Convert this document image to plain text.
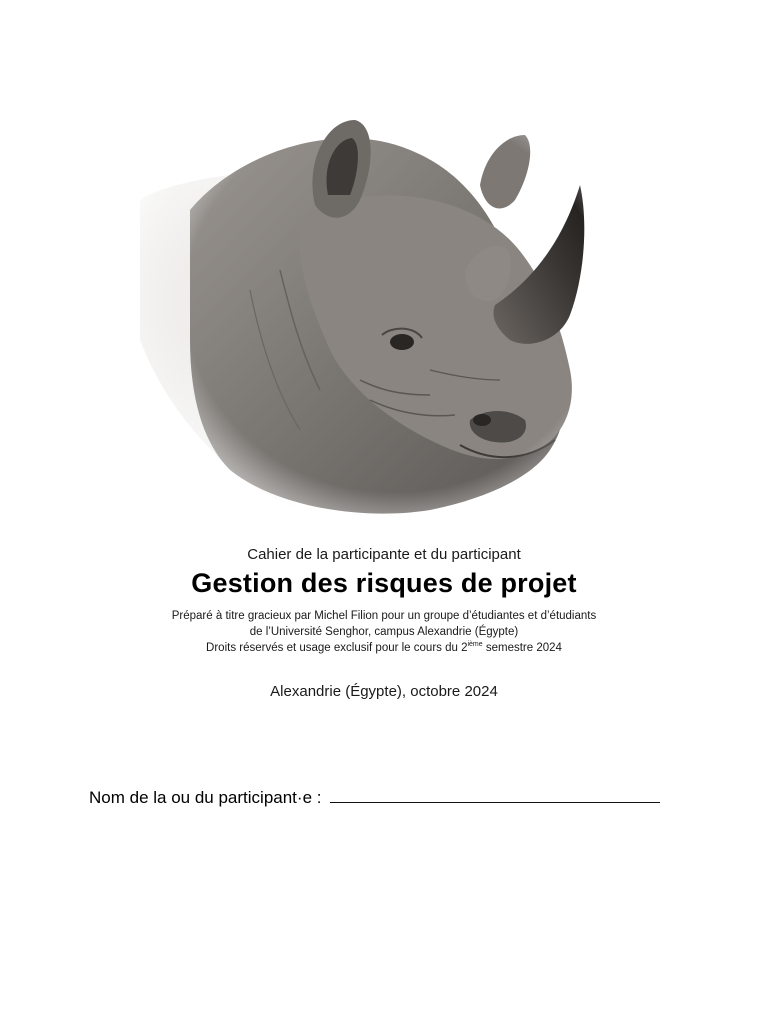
Cahier de la participante et du participant
Gestion des risques de projet
Préparé à titre gracieux par Michel Filion pour un groupe d’étudiantes et d’étudiants
de l’Université Senghor, campus Alexandrie (Égypte)
Droits réservés et usage exclusif pour le cours du 2ième semestre 2024
Alexandrie (Égypte), octobre 2024
Nom de la ou du participant·e :
